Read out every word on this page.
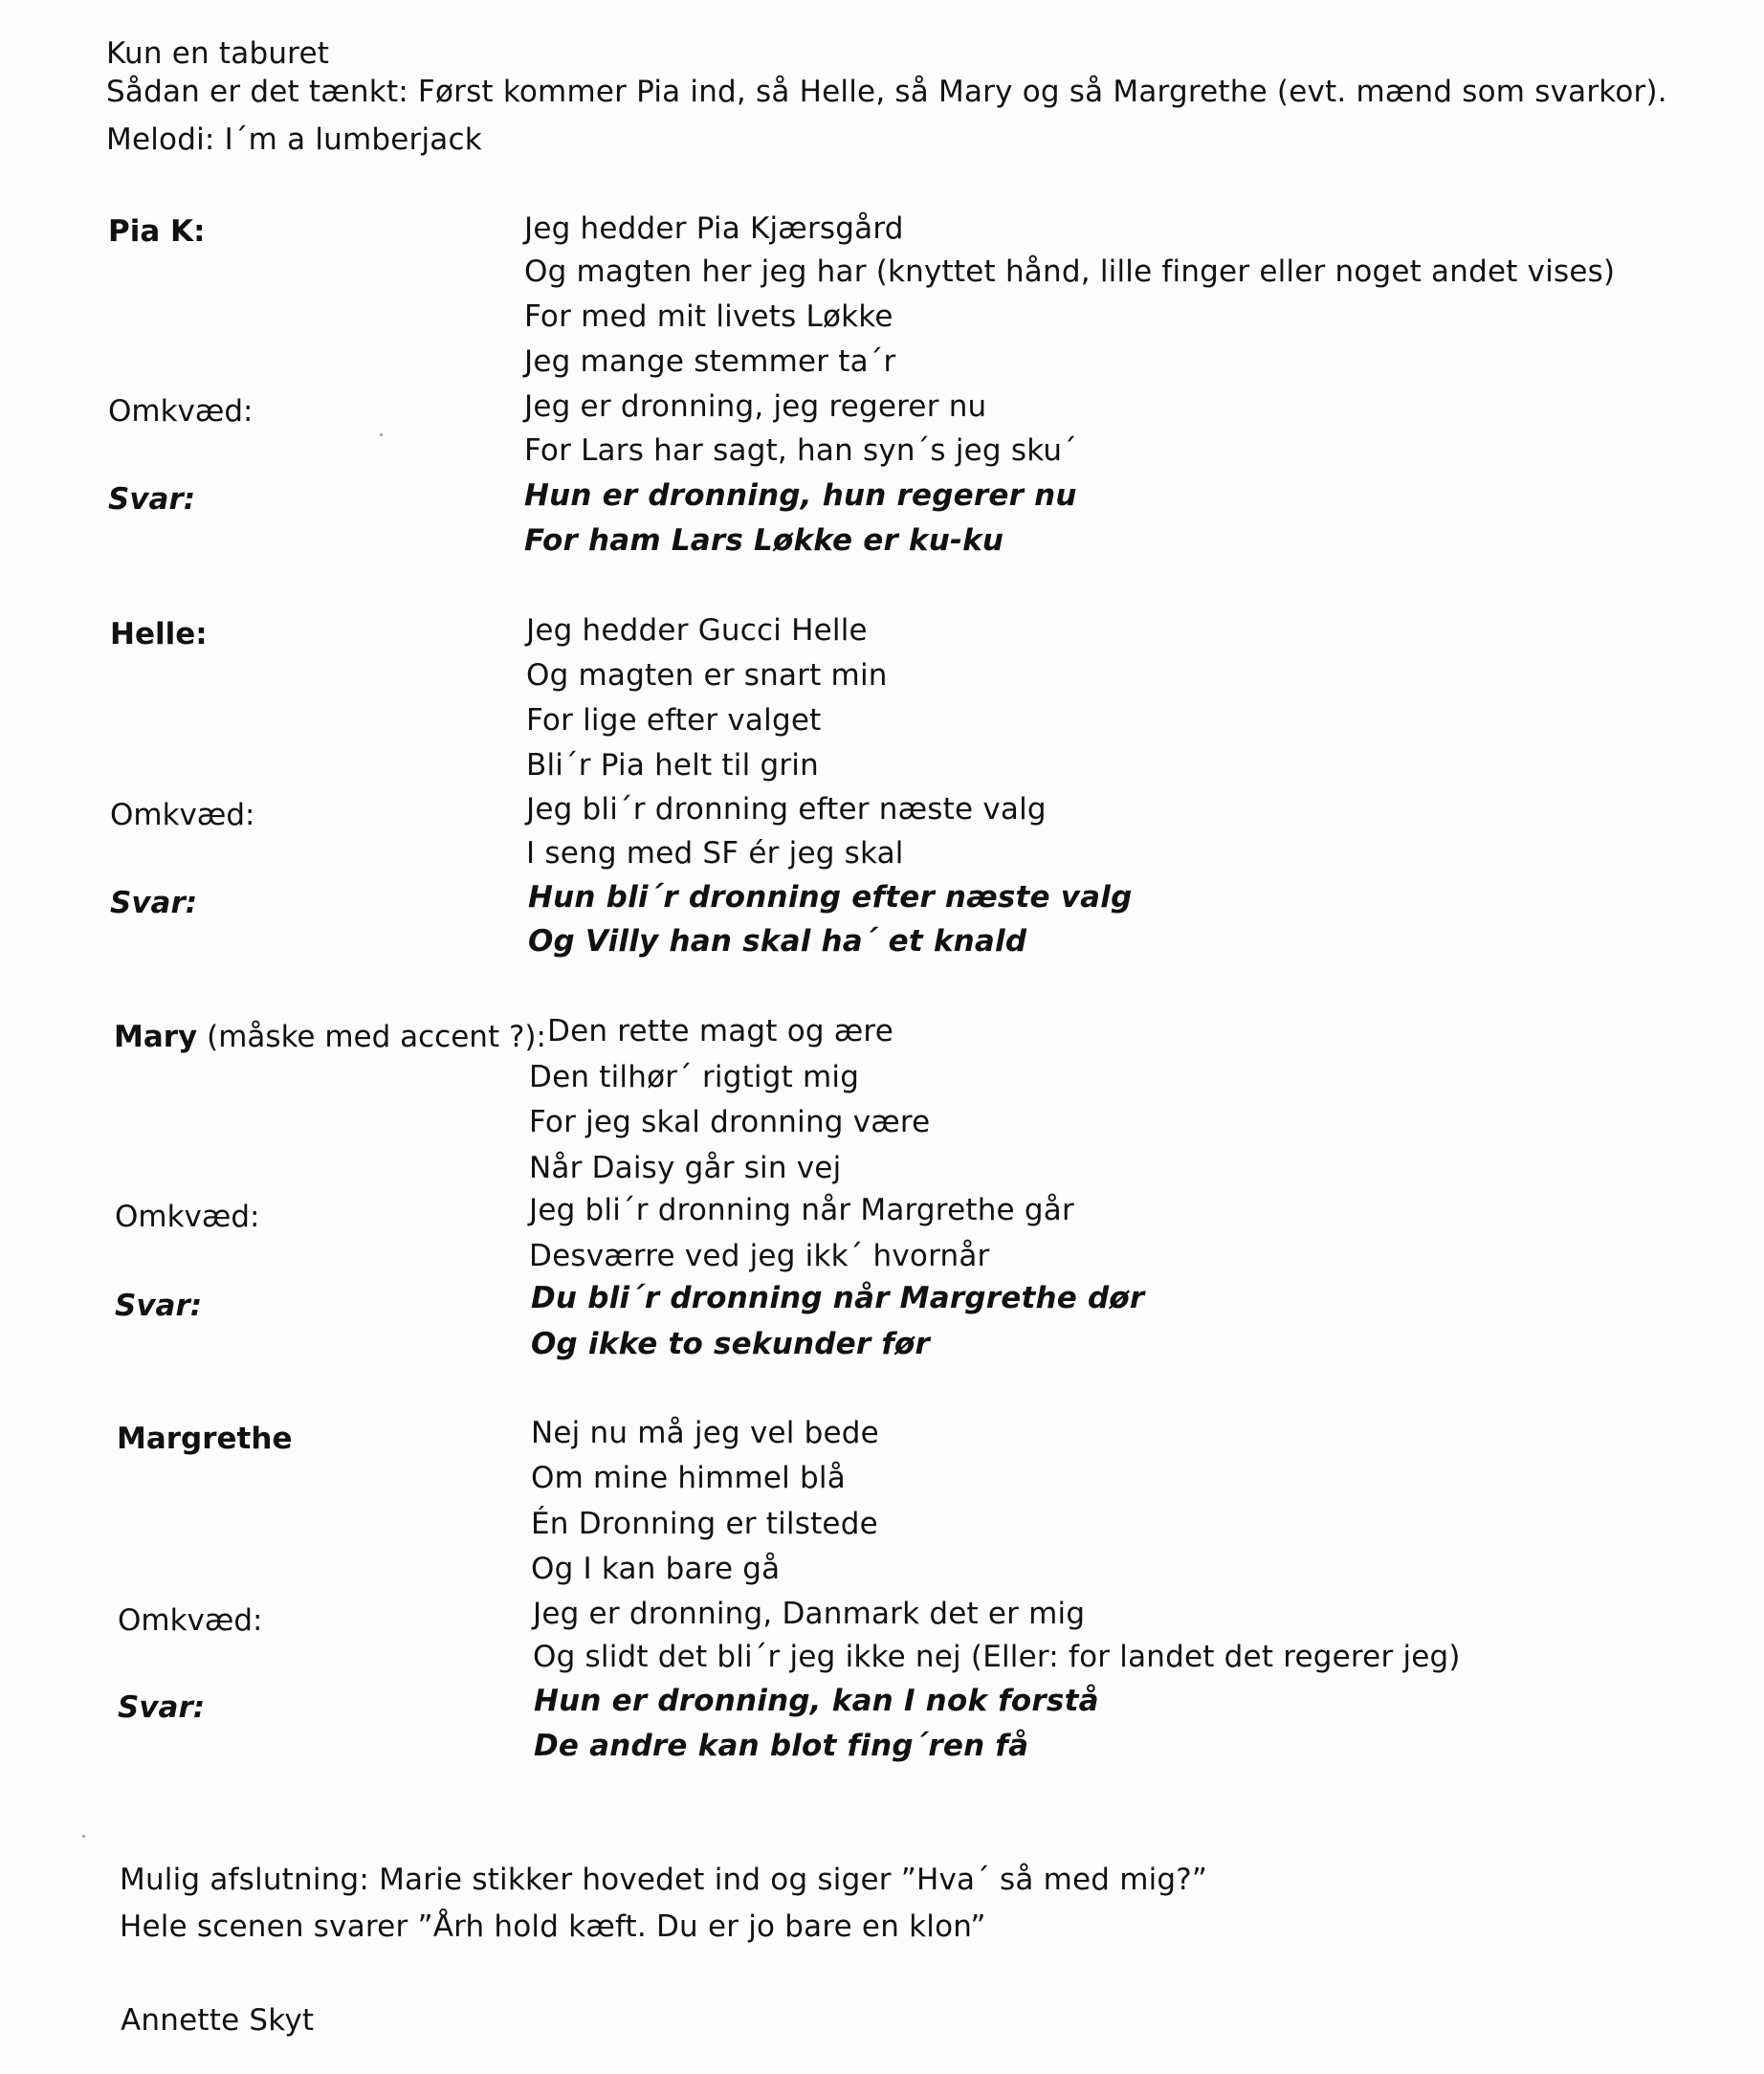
Kun en taburet
Sådan er det tænkt: Først kommer Pia ind, så Helle, så Mary og så Margrethe (evt. mænd som svarkor).
Melodi: I´m a lumberjack
Pia K:	Jeg hedder Pia Kjærsgård
Og magten her jeg har (knyttet hånd, lille finger eller noget andet vises)
For med mit livets Løkke
Jeg mange stemmer ta´r
Omkvæd:	Jeg er dronning, jeg regerer nu
For Lars har sagt, han syn´s jeg sku´
Svar:	Hun er dronning, hun regerer nu
For ham Lars Løkke er ku-ku
Helle:	Jeg hedder Gucci Helle
Og magten er snart min
For lige efter valget
Bli´r Pia helt til grin
Omkvæd:	Jeg bli´r dronning efter næste valg
I seng med SF ér jeg skal
Svar:	Hun bli´r dronning efter næste valg
Og Villy han skal ha´ et knald
Mary (måske med accent ?): Den rette magt og ære
Den tilhør´ rigtigt mig
For jeg skal dronning være
Når Daisy går sin vej
Omkvæd:	Jeg bli´r dronning når Margrethe går
Desværre ved jeg ikk´ hvornår
Svar:	Du bli´r dronning når Margrethe dør
Og ikke to sekunder før
Margrethe	Nej nu må jeg vel bede
Om mine himmel blå
Én Dronning er tilstede
Og I kan bare gå
Omkvæd:	Jeg er dronning, Danmark det er mig
Og slidt det bli´r jeg ikke nej (Eller: for landet det regerer jeg)
Svar:	Hun er dronning, kan I nok forstå
De andre kan blot fing´ren få
Mulig afslutning: Marie stikker hovedet ind og siger ”Hva´ så med mig?”
Hele scenen svarer ”Årh hold kæft. Du er jo bare en klon”
Annette Skyt
